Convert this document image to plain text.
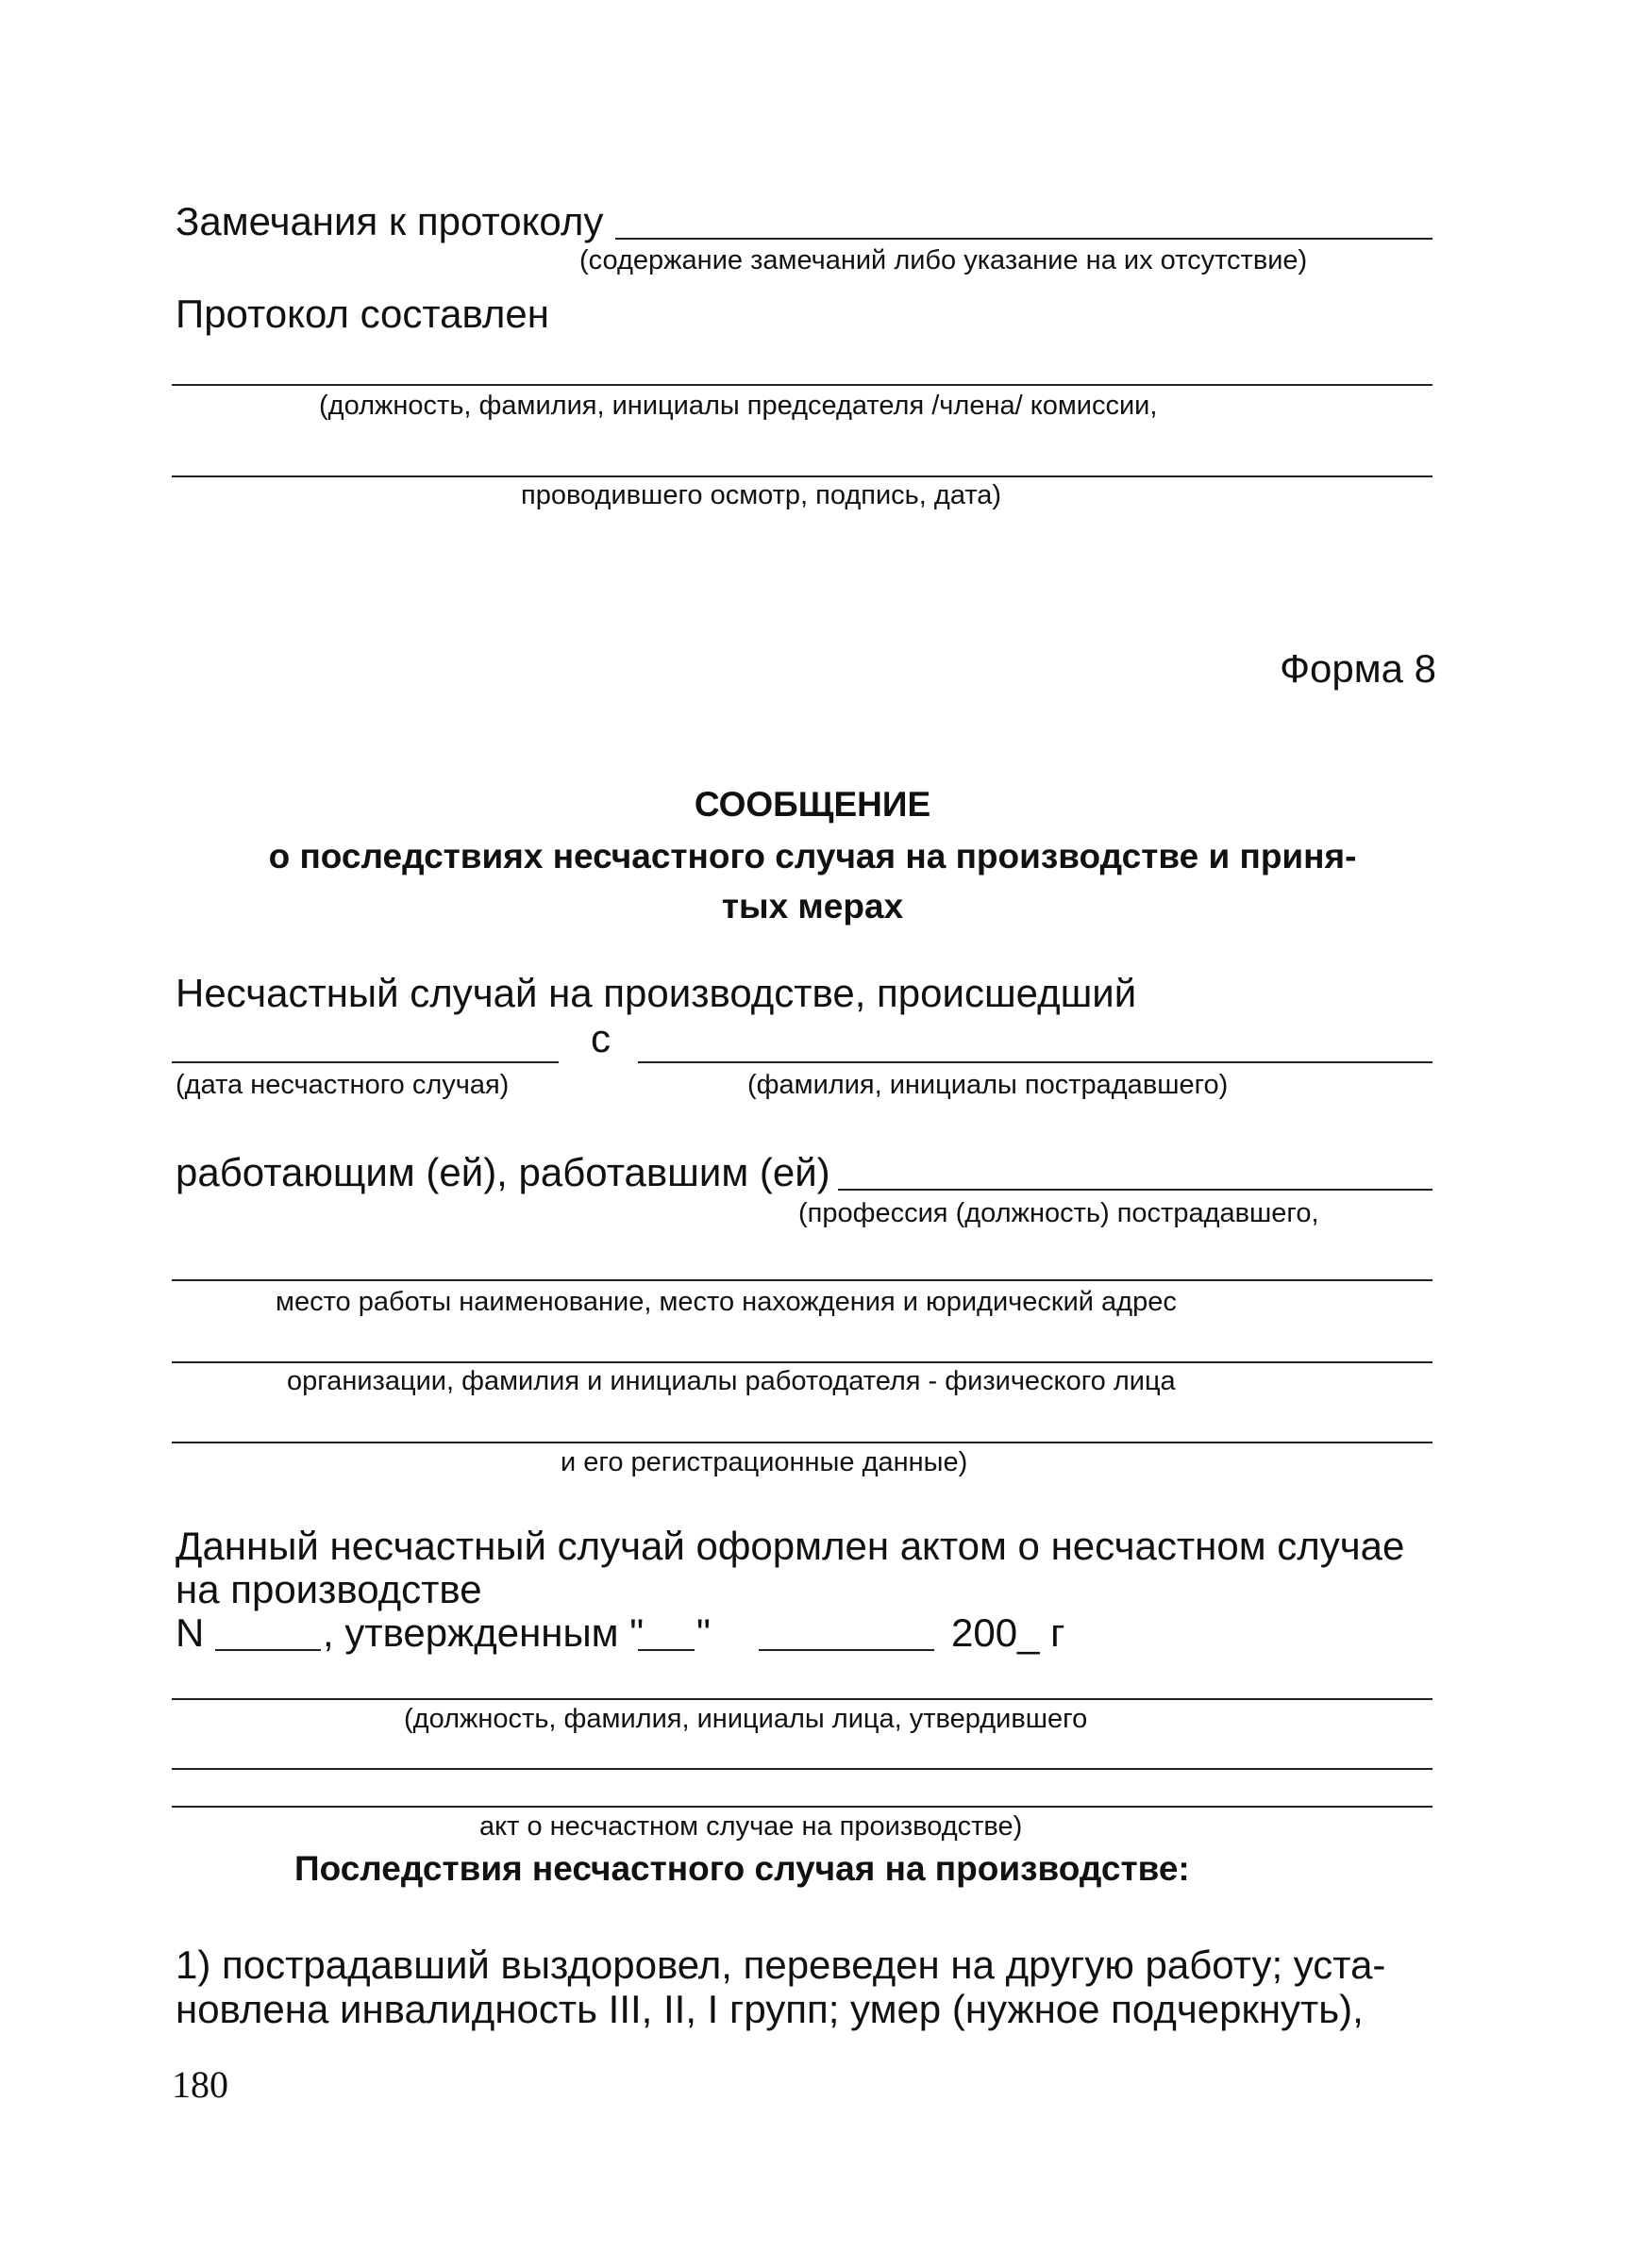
Замечания к протоколу
(содержание замечаний либо указание на их отсутствие)
Протокол составлен
(должность, фамилия, инициалы председателя /члена/ комиссии,
проводившего осмотр, подпись, дата)
Форма 8
СООБЩЕНИЕ
о последствиях несчастного случая на производстве и приня-
тых мерах
Несчастный случай на производстве, происшедший
с
(дата несчастного случая)	(фамилия, инициалы пострадавшего)
работающим (ей), работавшим (ей)
(профессия (должность) пострадавшего,
место работы наименование, место нахождения и юридический адрес
организации, фамилия и инициалы работодателя - физического лица
и его регистрационные данные)
Данный несчастный случай оформлен актом о несчастном случае
на производстве
N	, утвержденным " "	200_ г
(должность, фамилия, инициалы лица, утвердившего
акт о несчастном случае на производстве)
Последствия несчастного случая на производстве:
1) пострадавший выздоровел, переведен на другую работу; уста-
новлена инвалидность III, II, I групп; умер (нужное подчеркнуть),
180
